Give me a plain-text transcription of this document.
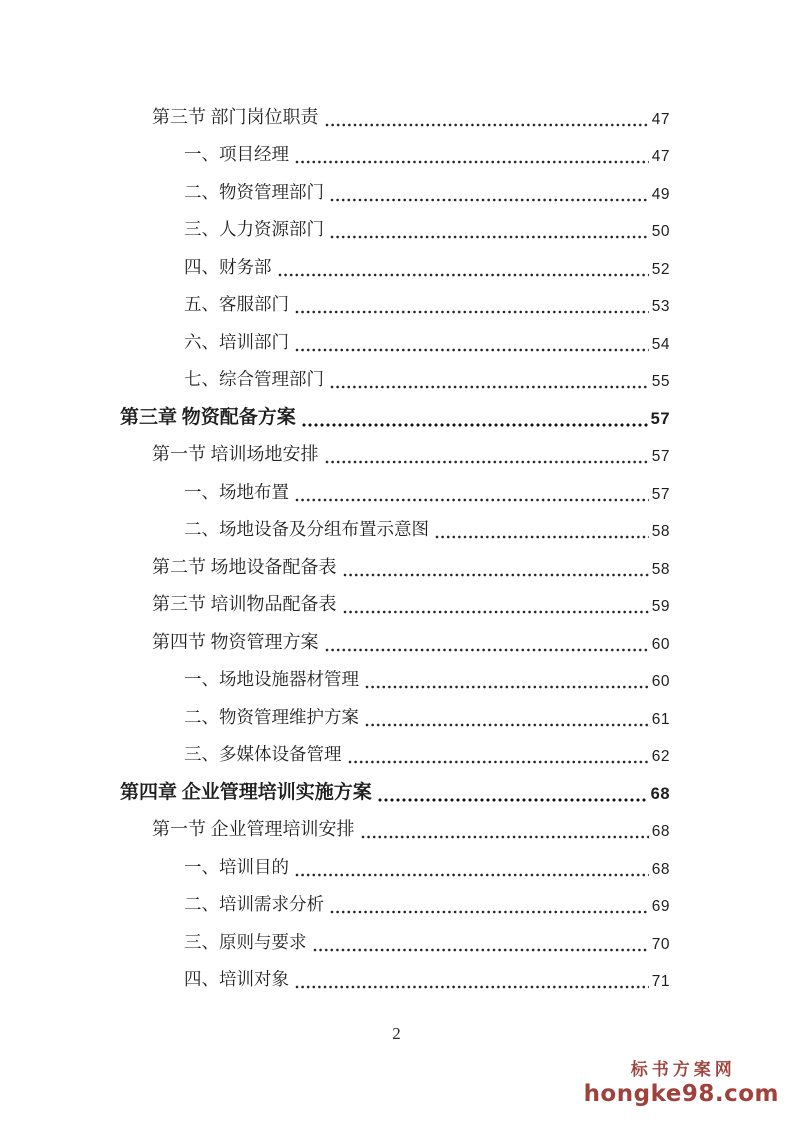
第三节 部门岗位职责	47
一、项目经理	47
二、物资管理部门	49
三、人力资源部门	50
四、财务部	52
五、客服部门	53
六、培训部门	54
七、综合管理部门	55
第三章 物资配备方案	57
第一节 培训场地安排	57
一、场地布置	57
二、场地设备及分组布置示意图	58
第二节 场地设备配备表	58
第三节 培训物品配备表	59
第四节 物资管理方案	60
一、场地设施器材管理	60
二、物资管理维护方案	61
三、多媒体设备管理	62
第四章 企业管理培训实施方案	68
第一节 企业管理培训安排	68
一、培训目的	68
二、培训需求分析	69
三、原则与要求	70
四、培训对象	71
2
标书方案网
hongke98.com
